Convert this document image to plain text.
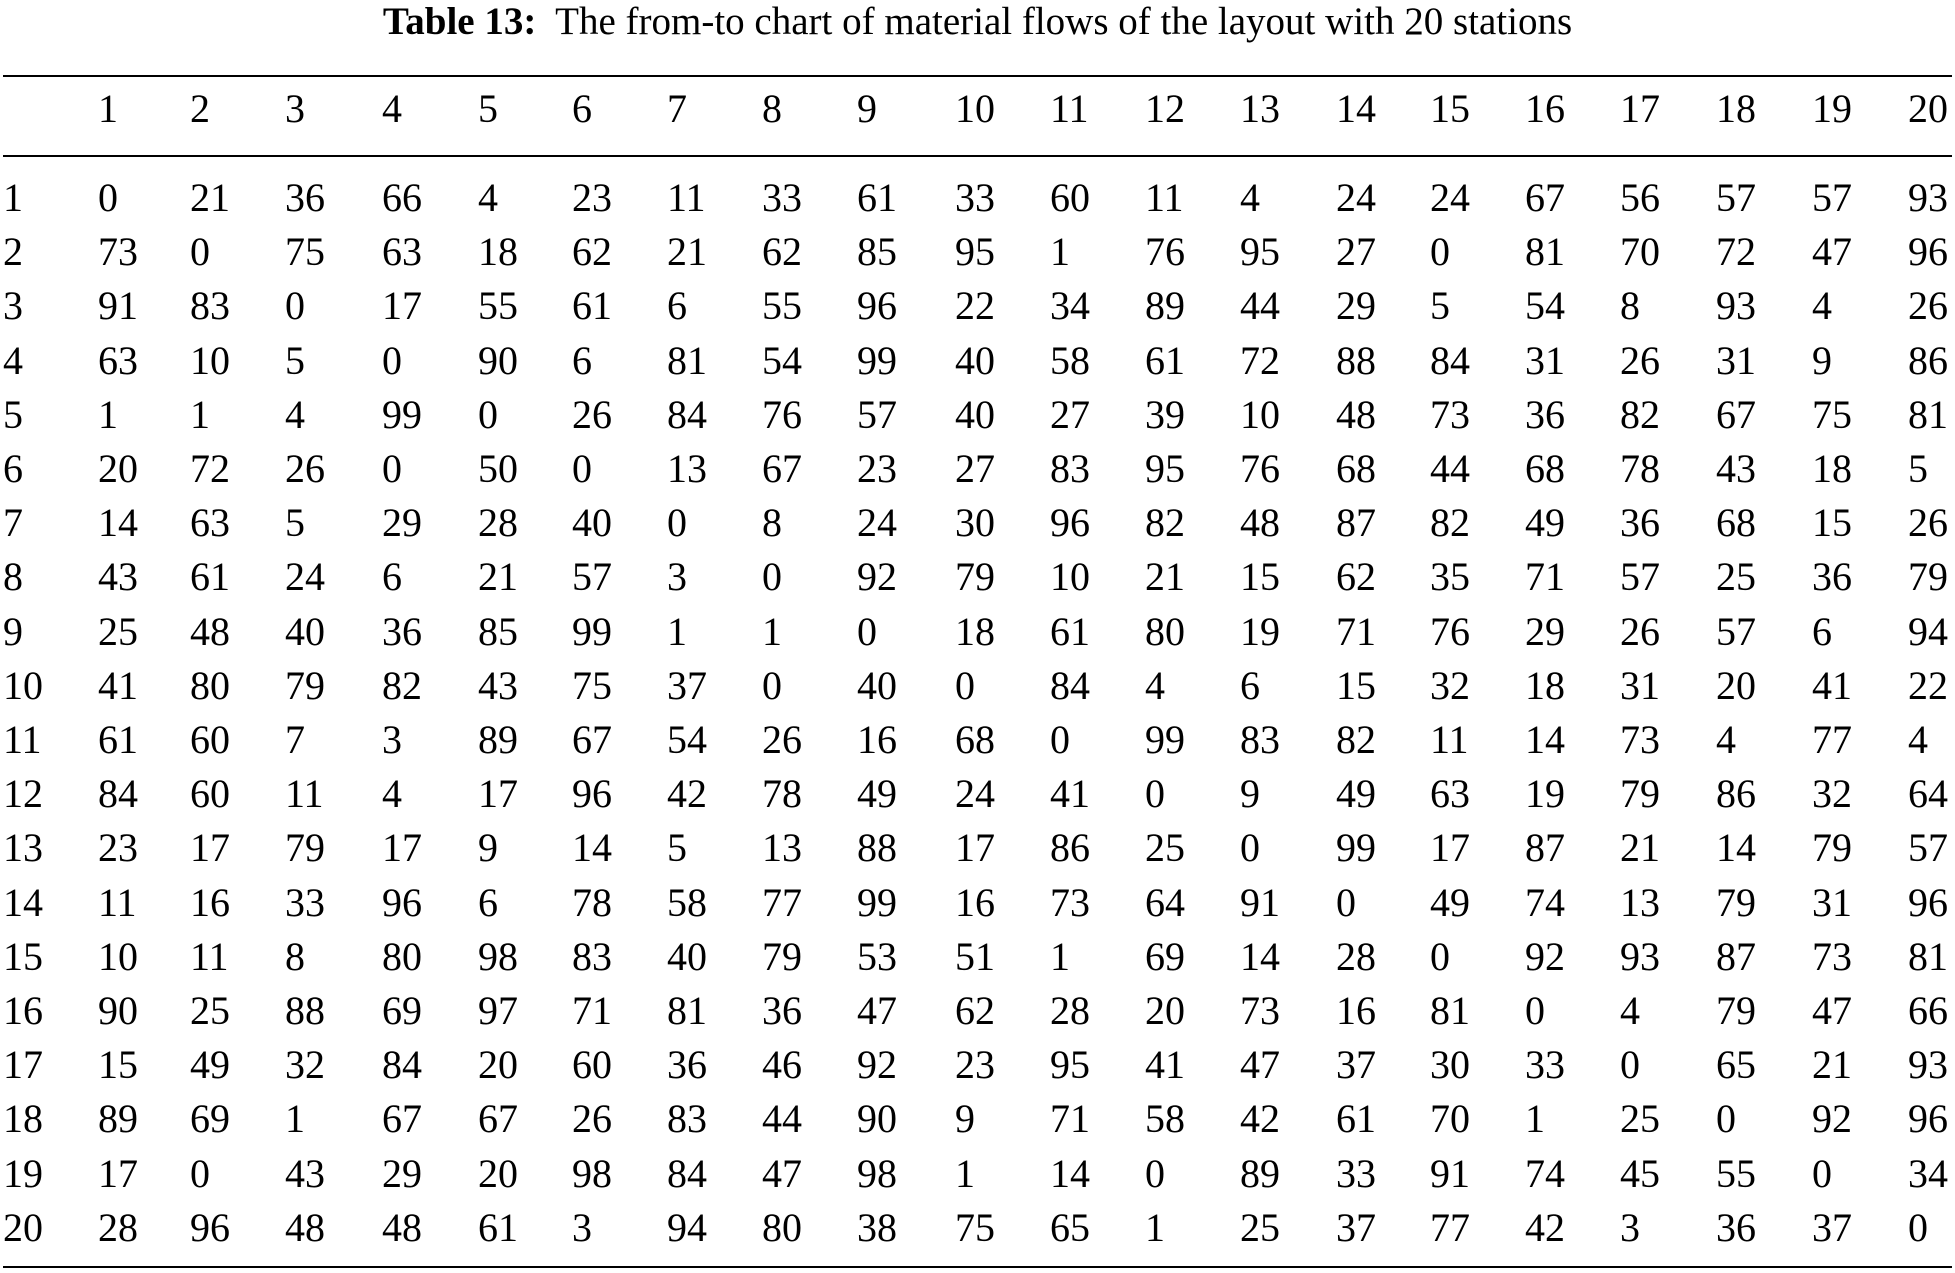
Table 13: The from-to chart of material flows of the layout with 20 stations
1 2 3 4 5 6 7 8 9 10 11 12 13 14 15 16 17 18 19 20
1 0 21 36 66 4 23 11 33 61 33 60 11 4 24 24 67 56 57 57 93
2 73 0 75 63 18 62 21 62 85 95 1 76 95 27 0 81 70 72 47 96
3 91 83 0 17 55 61 6 55 96 22 34 89 44 29 5 54 8 93 4 26
4 63 10 5 0 90 6 81 54 99 40 58 61 72 88 84 31 26 31 9 86
5 1 1 4 99 0 26 84 76 57 40 27 39 10 48 73 36 82 67 75 81
6 20 72 26 0 50 0 13 67 23 27 83 95 76 68 44 68 78 43 18 5
7 14 63 5 29 28 40 0 8 24 30 96 82 48 87 82 49 36 68 15 26
8 43 61 24 6 21 57 3 0 92 79 10 21 15 62 35 71 57 25 36 79
9 25 48 40 36 85 99 1 1 0 18 61 80 19 71 76 29 26 57 6 94
10 41 80 79 82 43 75 37 0 40 0 84 4 6 15 32 18 31 20 41 22
11 61 60 7 3 89 67 54 26 16 68 0 99 83 82 11 14 73 4 77 4
12 84 60 11 4 17 96 42 78 49 24 41 0 9 49 63 19 79 86 32 64
13 23 17 79 17 9 14 5 13 88 17 86 25 0 99 17 87 21 14 79 57
14 11 16 33 96 6 78 58 77 99 16 73 64 91 0 49 74 13 79 31 96
15 10 11 8 80 98 83 40 79 53 51 1 69 14 28 0 92 93 87 73 81
16 90 25 88 69 97 71 81 36 47 62 28 20 73 16 81 0 4 79 47 66
17 15 49 32 84 20 60 36 46 92 23 95 41 47 37 30 33 0 65 21 93
18 89 69 1 67 67 26 83 44 90 9 71 58 42 61 70 1 25 0 92 96
19 17 0 43 29 20 98 84 47 98 1 14 0 89 33 91 74 45 55 0 34
20 28 96 48 48 61 3 94 80 38 75 65 1 25 37 77 42 3 36 37 0
